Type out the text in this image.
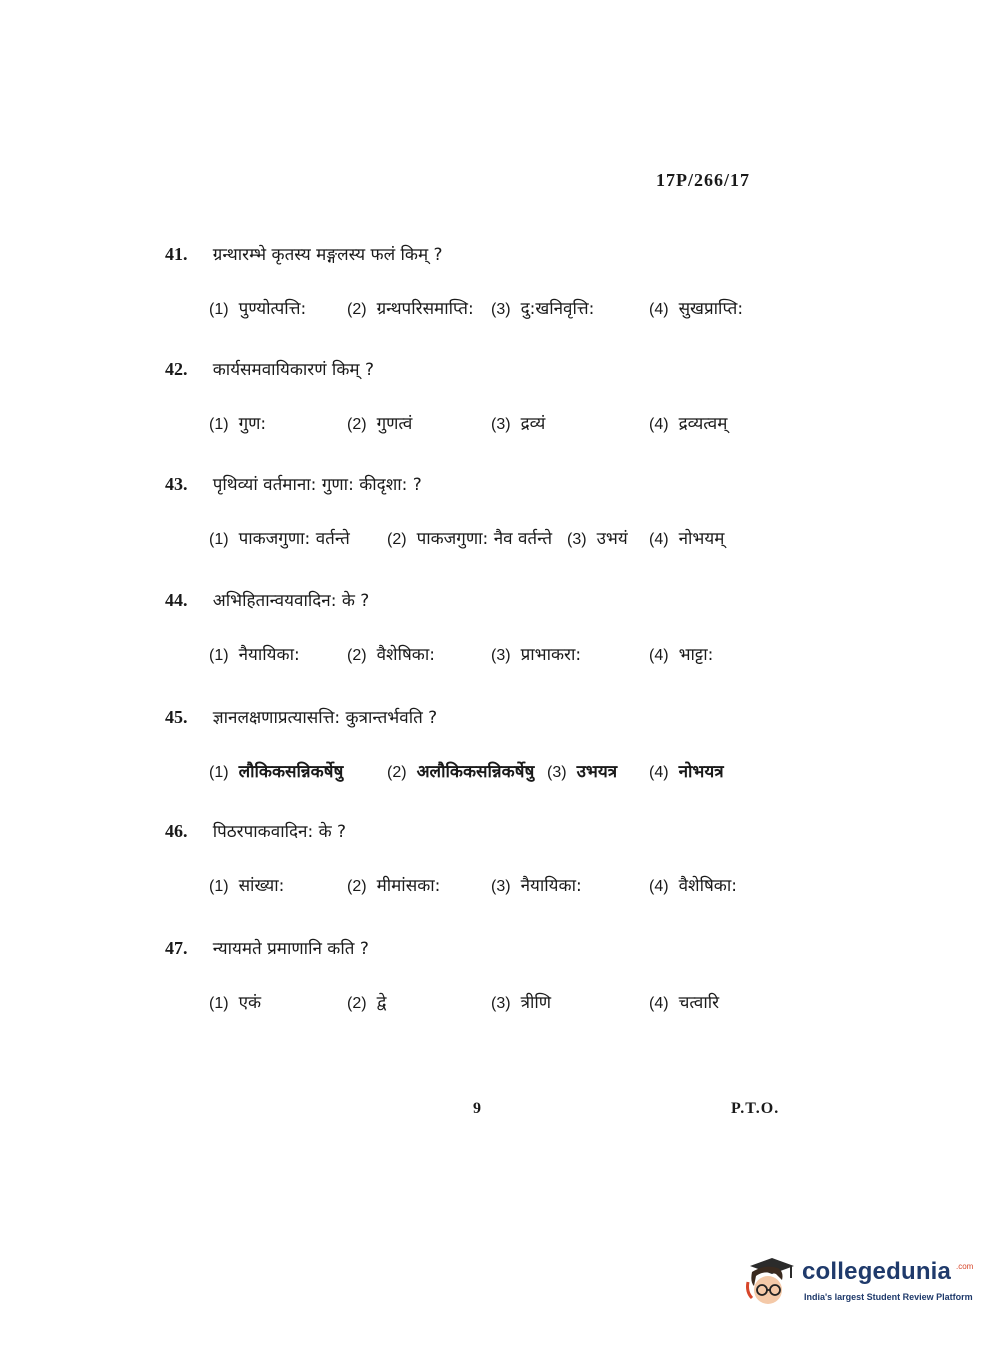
17P/266/17
41. ग्रन्थारम्भे कृतस्य मङ्गलस्य फलं किम् ?
(1) पुण्योत्पत्ति:	(2) ग्रन्थपरिसमाप्ति: (3) दु:खनिवृत्ति:	(4) सुखप्राप्ति:
42. कार्यसमवायिकारणं किम् ?
(1) गुण:	(2) गुणत्वं	(3) द्रव्यं	(4) द्रव्यत्वम्
43. पृथिव्यां वर्तमाना: गुणा: कीदृशा: ?
(1) पाकजगुणा: वर्तन्ते (2) पाकजगुणा: नैव वर्तन्ते (3) उभयं (4) नोभयम्
44. अभिहितान्वयवादिन: के ?
(1) नैयायिका:	(2) वैशेषिका:	(3) प्राभाकरा:	(4) भाट्टा:
45. ज्ञानलक्षणाप्रत्यासत्ति: कुत्रान्तर्भवति ?
(1) लौकिकसन्निकर्षेषु	(2) अलौकिकसन्निकर्षेषु (3) उभयत्र (4) नोभयत्र
46. पिठरपाकवादिन: के ?
(1) सांख्या:	(2) मीमांसका:	(3) नैयायिका:	(4) वैशेषिका:
47. न्यायमते प्रमाणानि कति ?
(1) एकं	(2) द्वे	(3) त्रीणि	(4) चत्वारि
9	P.T.O.
collegedunia .com
India's largest Student Review Platform
